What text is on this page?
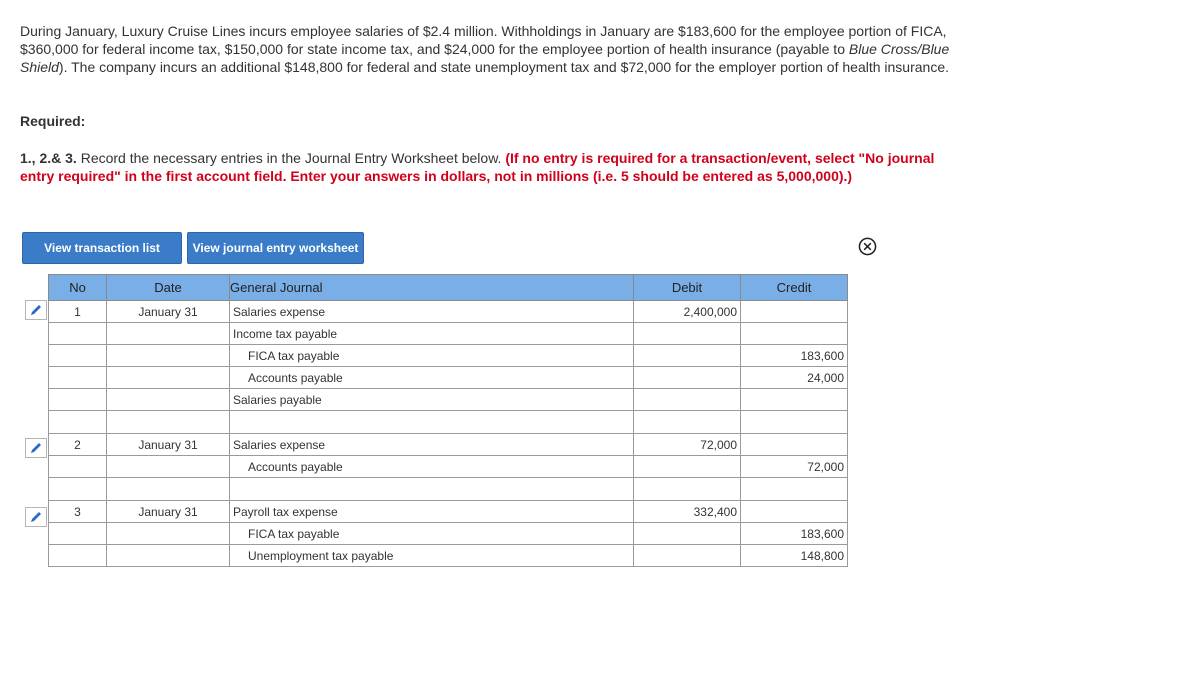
During January, Luxury Cruise Lines incurs employee salaries of $2.4 million. Withholdings in January are $183,600 for the employee portion of FICA, $360,000 for federal income tax, $150,000 for state income tax, and $24,000 for the employee portion of health insurance (payable to Blue Cross/Blue Shield). The company incurs an additional $148,800 for federal and state unemployment tax and $72,000 for the employer portion of health insurance.
Required:
1., 2.& 3. Record the necessary entries in the Journal Entry Worksheet below. (If no entry is required for a transaction/event, select "No journal entry required" in the first account field. Enter your answers in dollars, not in millions (i.e. 5 should be entered as 5,000,000).)
View transaction list	View journal entry worksheet
No	Date	General Journal	Debit	Credit
1	January 31	Salaries expense	2,400,000	
		Income tax payable		
		FICA tax payable		183,600
		Accounts payable		24,000
		Salaries payable		

2	January 31	Salaries expense	72,000	
		Accounts payable		72,000

3	January 31	Payroll tax expense	332,400	
		FICA tax payable		183,600
		Unemployment tax payable		148,800
